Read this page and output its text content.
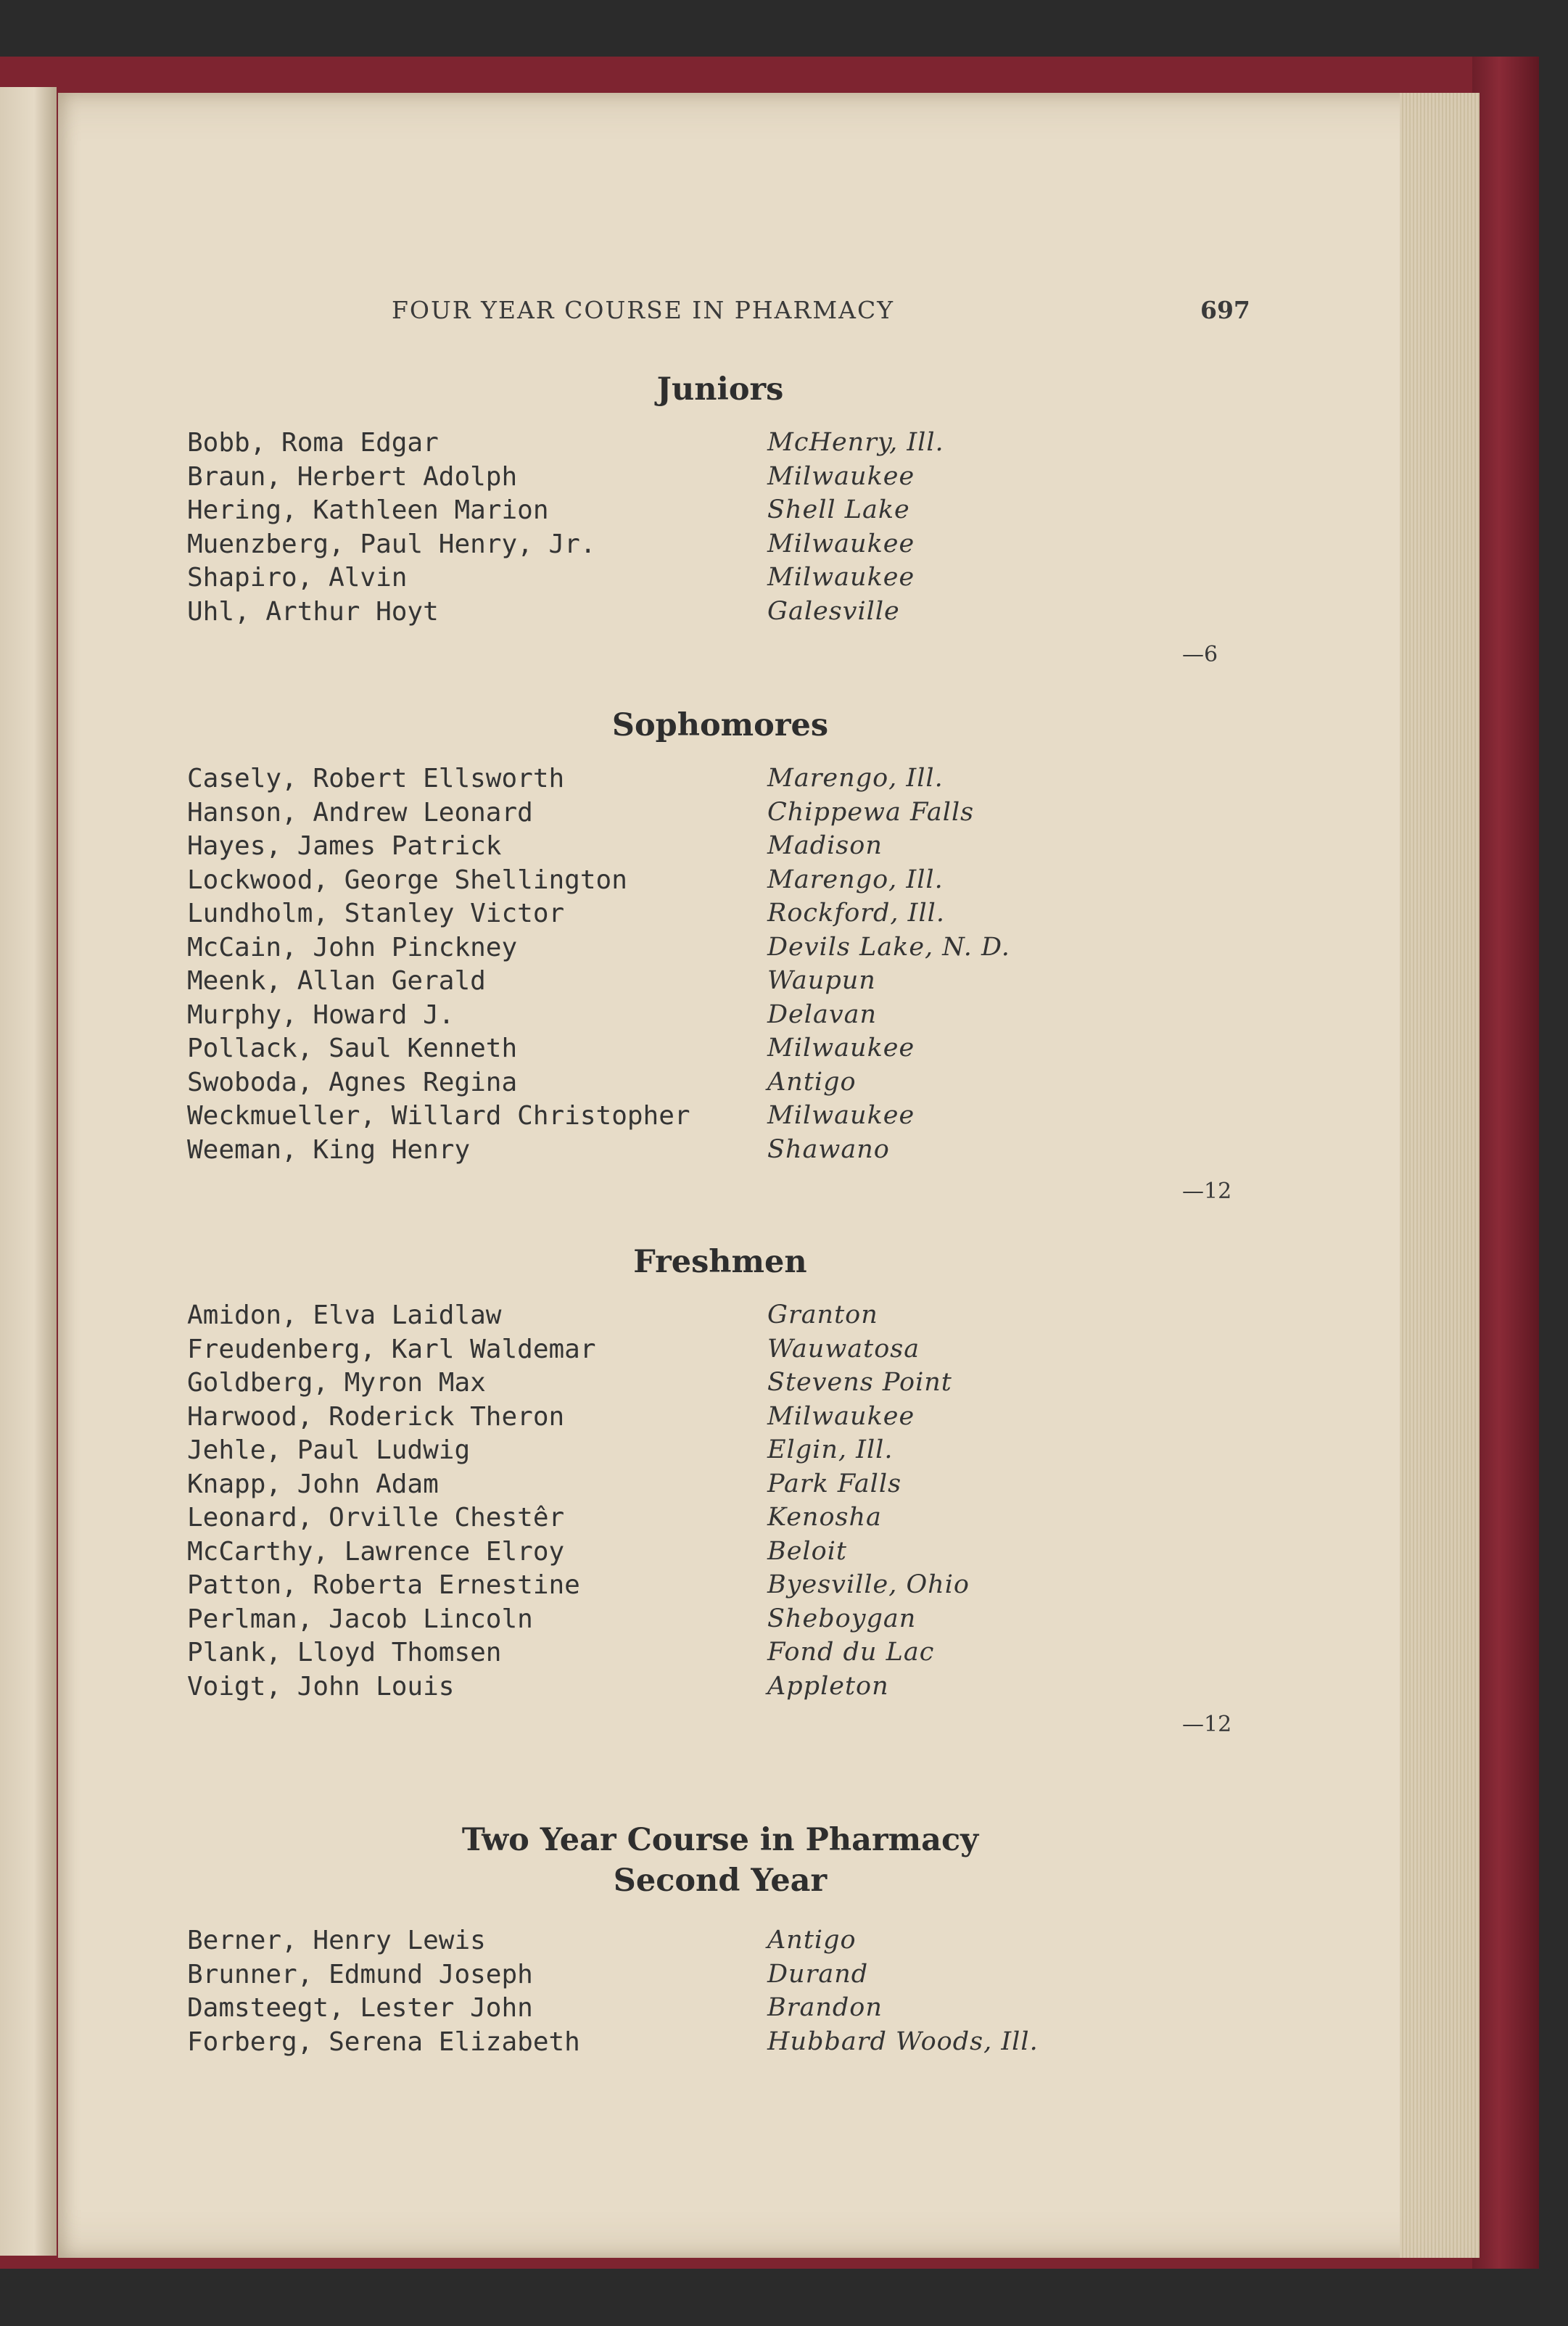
FOUR YEAR COURSE IN PHARMACY	697
Juniors
Bobb, Roma Edgar	McHenry, Ill.
Braun, Herbert Adolph	Milwaukee
Hering, Kathleen Marion	Shell Lake
Muenzberg, Paul Henry, Jr.	Milwaukee
Shapiro, Alvin	Milwaukee
Uhl, Arthur Hoyt	Galesville
—6
Sophomores
Casely, Robert Ellsworth	Marengo, Ill.
Hanson, Andrew Leonard	Chippewa Falls
Hayes, James Patrick	Madison
Lockwood, George Shellington	Marengo, Ill.
Lundholm, Stanley Victor	Rockford, Ill.
McCain, John Pinckney	Devils Lake, N. D.
Meenk, Allan Gerald	Waupun
Murphy, Howard J.	Delavan
Pollack, Saul Kenneth	Milwaukee
Swoboda, Agnes Regina	Antigo
Weckmueller, Willard Christopher	Milwaukee
Weeman, King Henry	Shawano
—12
Freshmen
Amidon, Elva Laidlaw	Granton
Freudenberg, Karl Waldemar	Wauwatosa
Goldberg, Myron Max	Stevens Point
Harwood, Roderick Theron	Milwaukee
Jehle, Paul Ludwig	Elgin, Ill.
Knapp, John Adam	Park Falls
Leonard, Orville Chestêr	Kenosha
McCarthy, Lawrence Elroy	Beloit
Patton, Roberta Ernestine	Byesville, Ohio
Perlman, Jacob Lincoln	Sheboygan
Plank, Lloyd Thomsen	Fond du Lac
Voigt, John Louis	Appleton
—12
Two Year Course in Pharmacy
Second Year
Berner, Henry Lewis	Antigo
Brunner, Edmund Joseph	Durand
Damsteegt, Lester John	Brandon
Forberg, Serena Elizabeth	Hubbard Woods, Ill.
